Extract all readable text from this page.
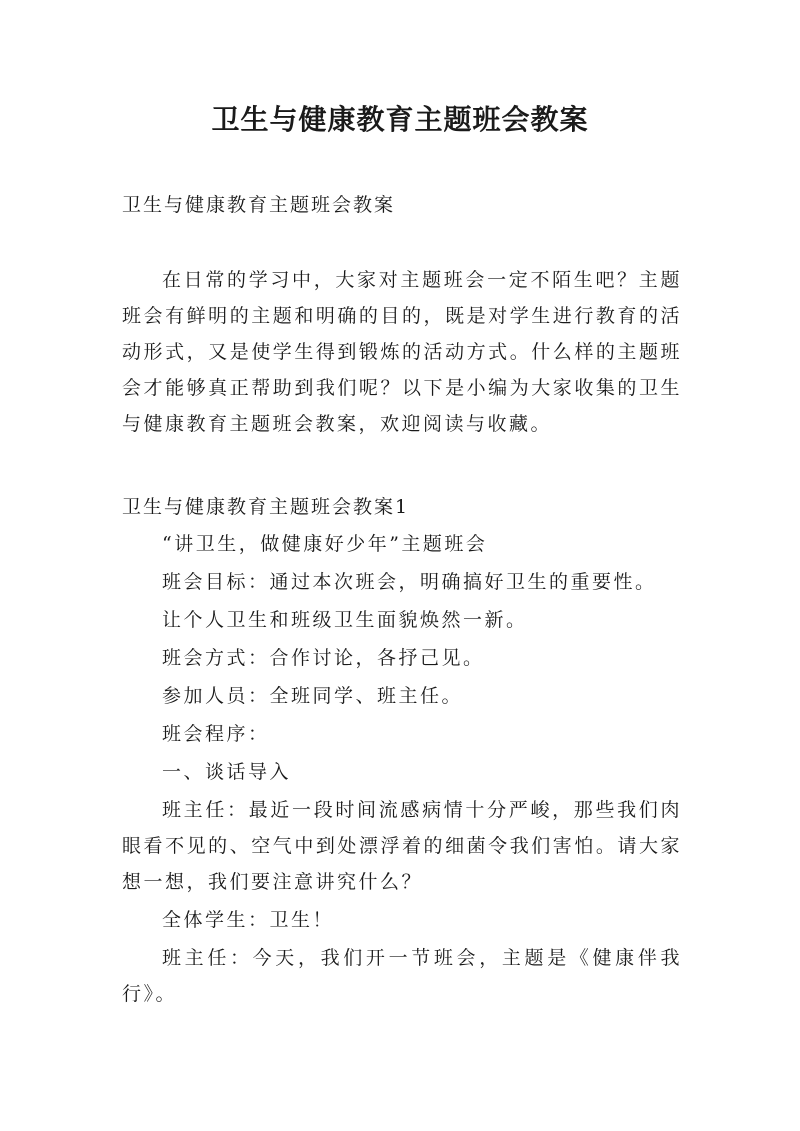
卫生与健康教育主题班会教案

卫生与健康教育主题班会教案

在日常的学习中，大家对主题班会一定不陌生吧？主题班会有鲜明的主题和明确的目的，既是对学生进行教育的活动形式，又是使学生得到锻炼的活动方式。什么样的主题班会才能够真正帮助到我们呢？以下是小编为大家收集的卫生与健康教育主题班会教案，欢迎阅读与收藏。

卫生与健康教育主题班会教案1

“讲卫生，做健康好少年”主题班会

班会目标：通过本次班会，明确搞好卫生的重要性。

让个人卫生和班级卫生面貌焕然一新。

班会方式：合作讨论，各抒己见。

参加人员：全班同学、班主任。

班会程序：

一、谈话导入

班主任：最近一段时间流感病情十分严峻，那些我们肉眼看不见的、空气中到处漂浮着的细菌令我们害怕。请大家想一想，我们要注意讲究什么？

全体学生：卫生！

班主任：今天，我们开一节班会，主题是《健康伴我行》。
